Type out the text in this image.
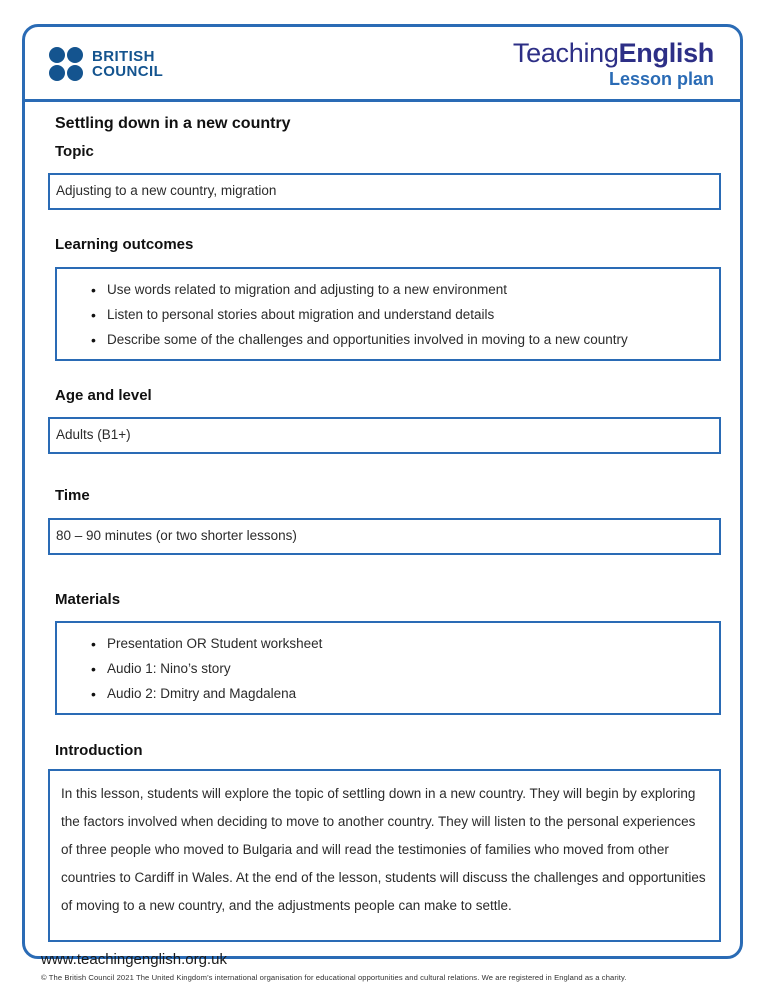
BRITISH
COUNCIL
TeachingEnglish
Lesson plan
Settling down in a new country
Topic
Adjusting to a new country, migration
Learning outcomes
• Use words related to migration and adjusting to a new environment
• Listen to personal stories about migration and understand details
• Describe some of the challenges and opportunities involved in moving to a new country
Age and level
Adults (B1+)
Time
80 – 90 minutes (or two shorter lessons)
Materials
• Presentation OR Student worksheet
• Audio 1: Nino’s story
• Audio 2: Dmitry and Magdalena
Introduction
In this lesson, students will explore the topic of settling down in a new country. They will begin by exploring the factors involved when deciding to move to another country. They will listen to the personal experiences of three people who moved to Bulgaria and will read the testimonies of families who moved from other countries to Cardiff in Wales. At the end of the lesson, students will discuss the challenges and opportunities of moving to a new country, and the adjustments people can make to settle.
www.teachingenglish.org.uk
© The British Council 2021 The United Kingdom’s international organisation for educational opportunities and cultural relations. We are registered in England as a charity.
